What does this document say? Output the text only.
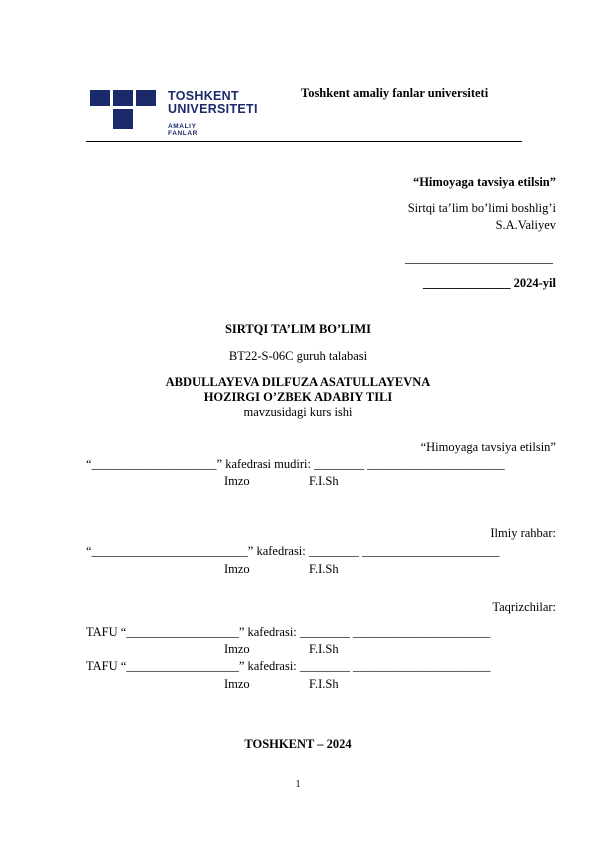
TOSHKENT
UNIVERSITETI
AMALIY FANLAR
Toshkent amaliy fanlar universiteti
“Himoyaga tavsiya etilsin”
Sirtqi ta’lim bo’limi boshlig’i
S.A.Valiyev
______________ 2024-yil
SIRTQI TA’LIM BO’LIMI
BT22-S-06C guruh talabasi
ABDULLAYEVA DILFUZA ASATULLAYEVNA
HOZIRGI O’ZBEK ADABIY TILI
mavzusidagi kurs ishi
“Himoyaga tavsiya etilsin”
“____________________” kafedrasi mudiri: ________ ______________________
Imzo	F.I.Sh
Ilmiy rahbar:
“_________________________” kafedrasi: ________ ______________________
Imzo	F.I.Sh
Taqrizchilar:
TAFU “__________________” kafedrasi: ________ ______________________
Imzo	F.I.Sh
TAFU “__________________” kafedrasi: ________ ______________________
Imzo	F.I.Sh
TOSHKENT – 2024
1
